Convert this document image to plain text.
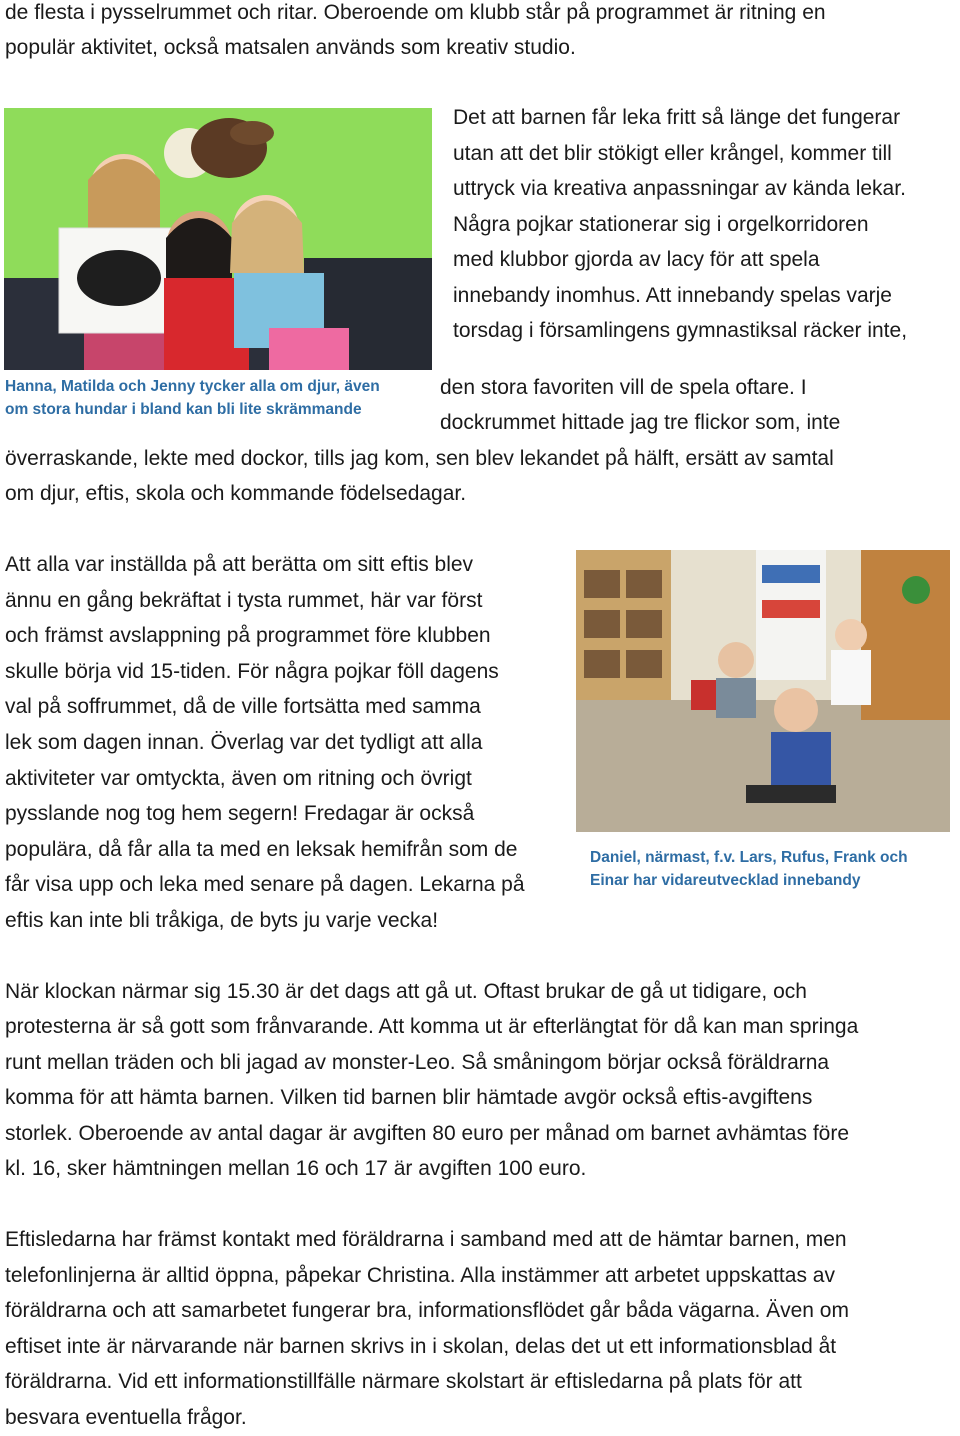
de flesta i pysselrummet och ritar. Oberoende om klubb står på programmet är ritning en

populär aktivitet, också matsalen används som kreativ studio.

Hanna, Matilda och Jenny tycker alla om djur, även

om stora hundar i bland kan bli lite skrämmande

Det att barnen får leka fritt så länge det fungerar

utan att det blir stökigt eller krångel, kommer till

uttryck via kreativa anpassningar av kända lekar.

Några pojkar stationerar sig i orgelkorridoren

med klubbor gjorda av lacy för att spela

innebandy inomhus. Att innebandy spelas varje

torsdag i församlingens gymnastiksal räcker inte,

den stora favoriten vill de spela oftare. I

dockrummet hittade jag tre flickor som, inte

överraskande, lekte med dockor, tills jag kom, sen blev lekandet på hälft, ersätt av samtal

om djur, eftis, skola och kommande födelsedagar.

Att alla var inställda på att berätta om sitt eftis blev

ännu en gång bekräftat i tysta rummet, här var först

och främst avslappning på programmet före klubben

skulle börja vid 15-tiden. För några pojkar föll dagens

val på soffrummet, då de ville fortsätta med samma

lek som dagen innan. Överlag var det tydligt att alla

aktiviteter var omtyckta, även om ritning och övrigt

pysslande nog tog hem segern! Fredagar är också

populära, då får alla ta med en leksak hemifrån som de

får visa upp och leka med senare på dagen. Lekarna på

eftis kan inte bli tråkiga, de byts ju varje vecka!

Daniel, närmast, f.v. Lars, Rufus, Frank och

Einar har vidareutvecklad innebandy

När klockan närmar sig 15.30 är det dags att gå ut. Oftast brukar de gå ut tidigare, och

protesterna är så gott som frånvarande. Att komma ut är efterlängtat för då kan man springa

runt mellan träden och bli jagad av monster-Leo. Så småningom börjar också föräldrarna

komma för att hämta barnen. Vilken tid barnen blir hämtade avgör också eftis-avgiftens

storlek. Oberoende av antal dagar är avgiften 80 euro per månad om barnet avhämtas före

kl. 16, sker hämtningen mellan 16 och 17 är avgiften 100 euro.

Eftisledarna har främst kontakt med föräldrarna i samband med att de hämtar barnen, men

telefonlinjerna är alltid öppna, påpekar Christina. Alla instämmer att arbetet uppskattas av

föräldrarna och att samarbetet fungerar bra, informationsflödet går båda vägarna. Även om

eftiset inte är närvarande när barnen skrivs in i skolan, delas det ut ett informationsblad åt

föräldrarna. Vid ett informationstillfälle närmare skolstart är eftisledarna på plats för att

besvara eventuella frågor.
